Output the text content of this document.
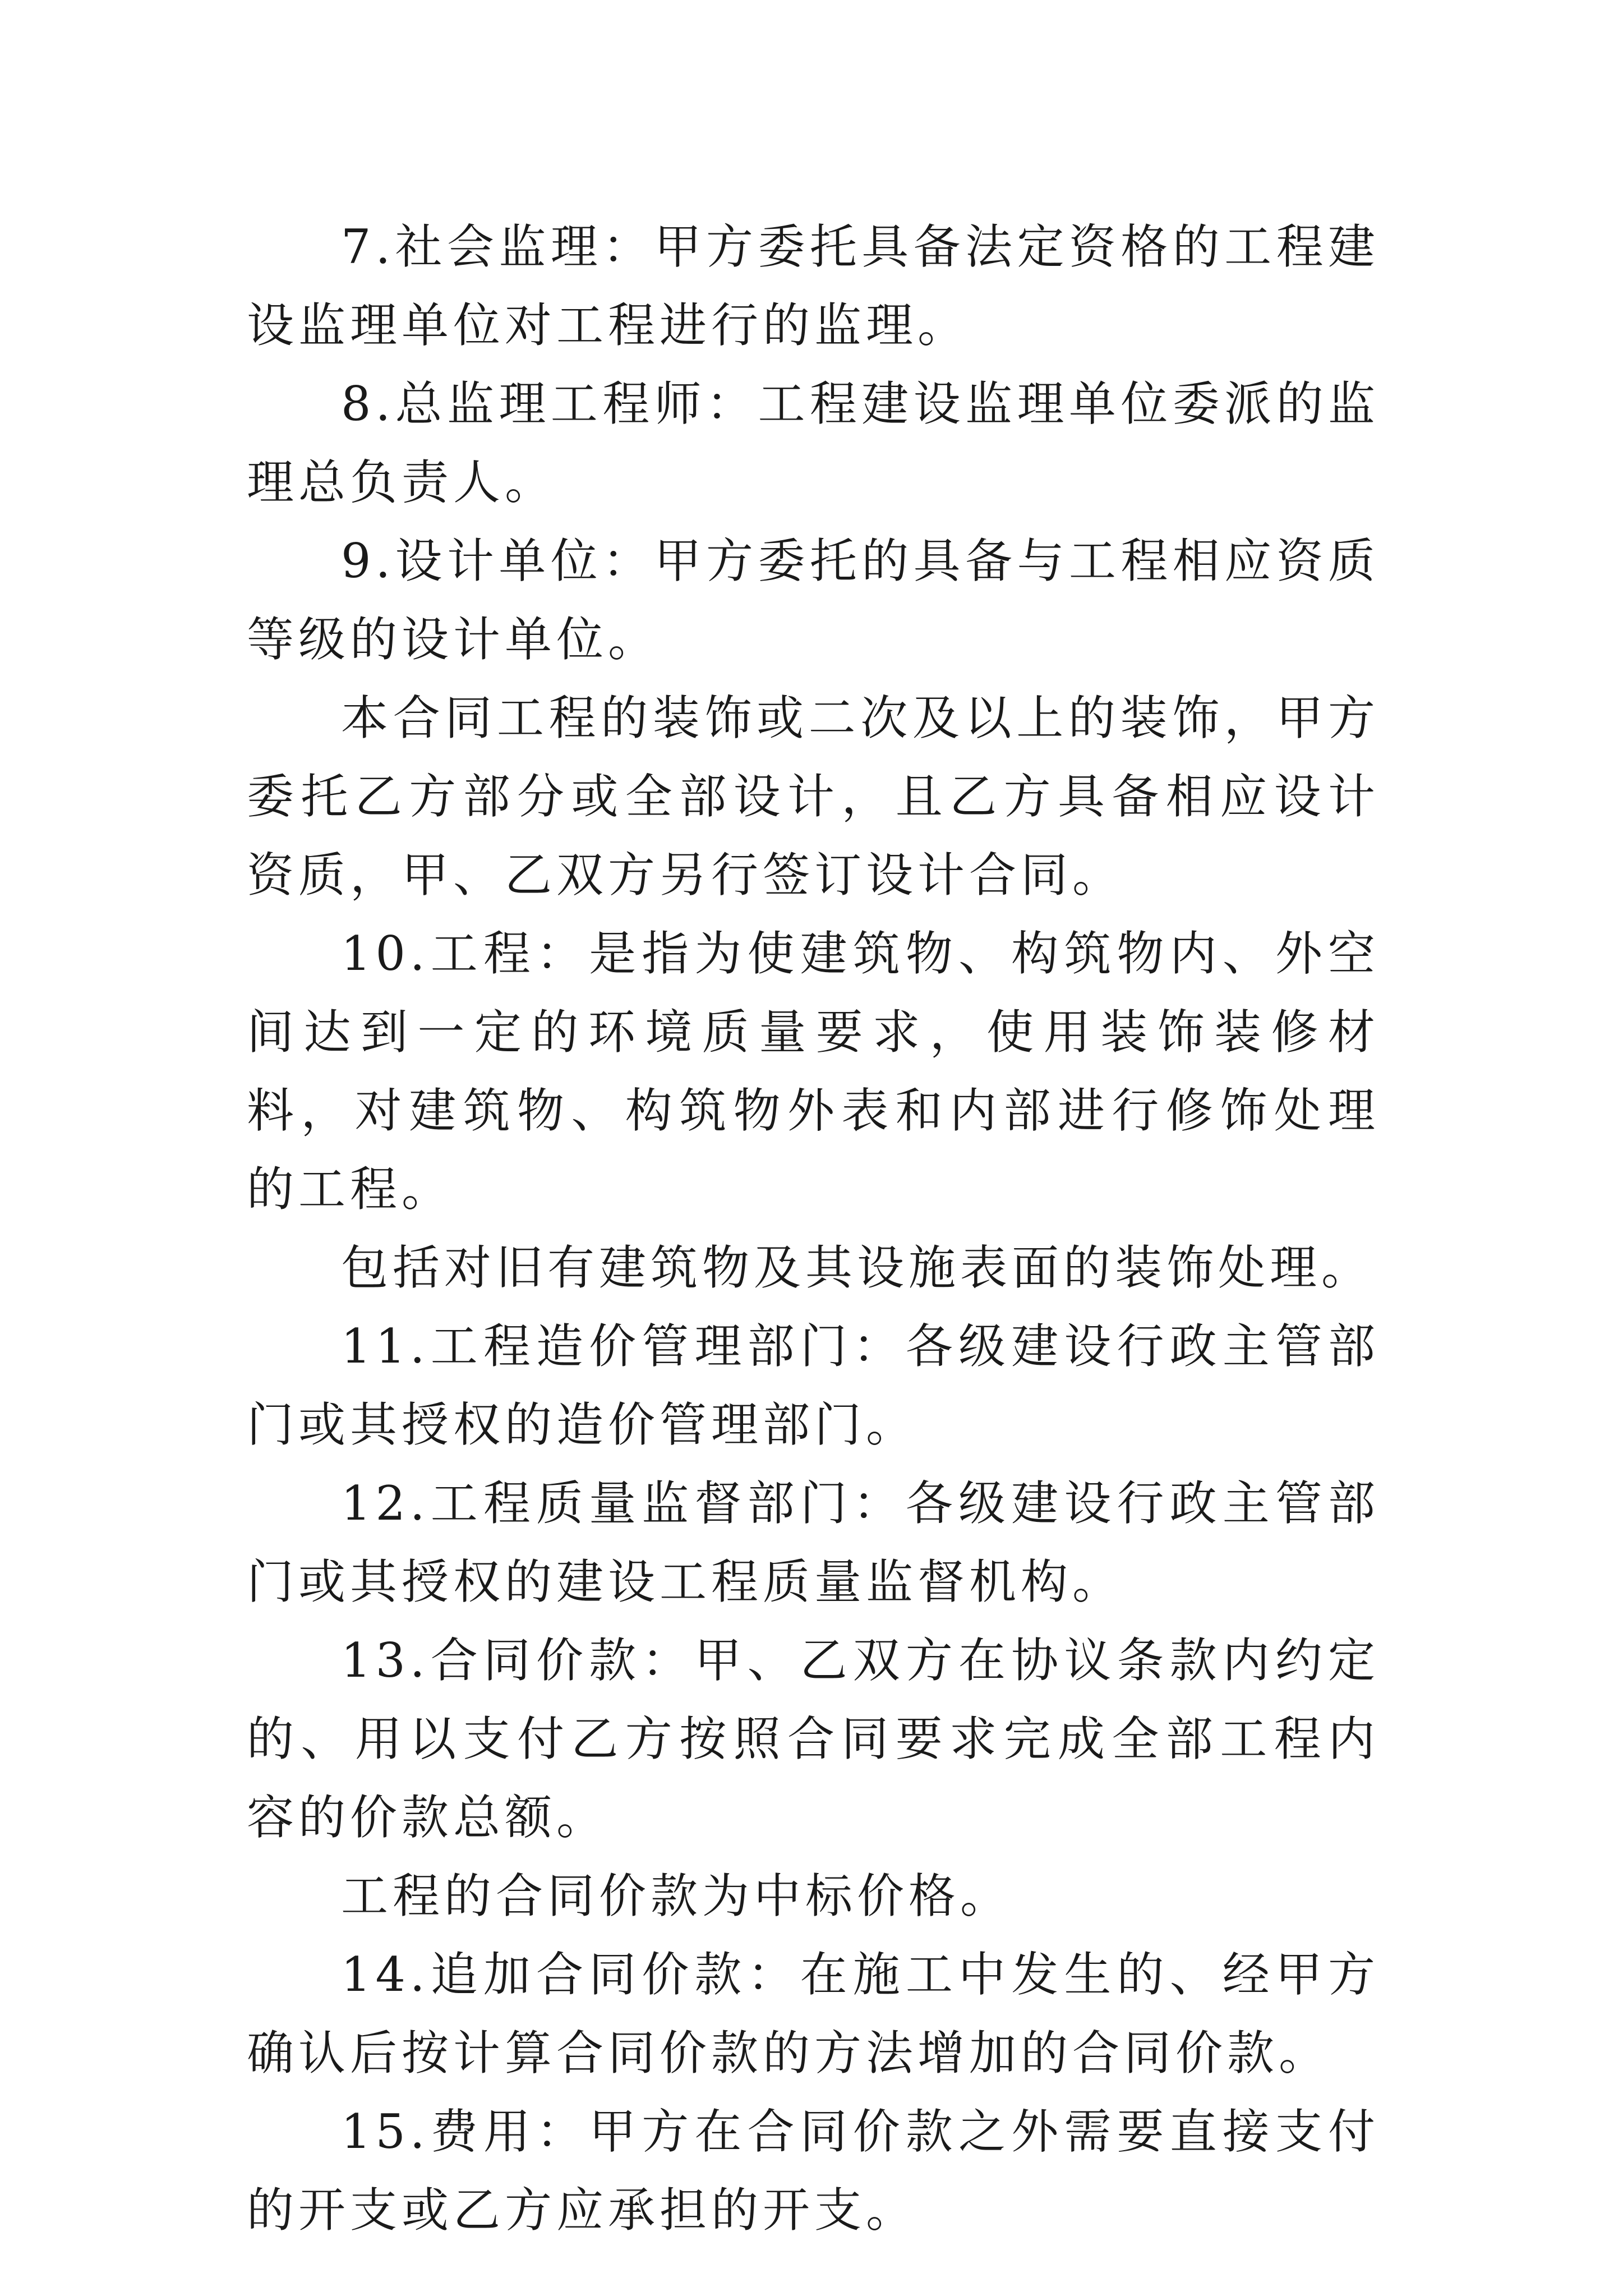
7.社会监理：甲方委托具备法定资格的工程建设监理单位对工程进行的监理。

8.总监理工程师：工程建设监理单位委派的监理总负责人。

9.设计单位：甲方委托的具备与工程相应资质等级的设计单位。

本合同工程的装饰或二次及以上的装饰，甲方委托乙方部分或全部设计，且乙方具备相应设计资质，甲、乙双方另行签订设计合同。

10.工程：是指为使建筑物、构筑物内、外空间达到一定的环境质量要求，使用装饰装修材料，对建筑物、构筑物外表和内部进行修饰处理的工程。

包括对旧有建筑物及其设施表面的装饰处理。

11.工程造价管理部门：各级建设行政主管部门或其授权的造价管理部门。

12.工程质量监督部门：各级建设行政主管部门或其授权的建设工程质量监督机构。

13.合同价款：甲、乙双方在协议条款内约定的、用以支付乙方按照合同要求完成全部工程内容的价款总额。

工程的合同价款为中标价格。

14.追加合同价款：在施工中发生的、经甲方确认后按计算合同价款的方法增加的合同价款。

15.费用：甲方在合同价款之外需要直接支付的开支或乙方应承担的开支。
